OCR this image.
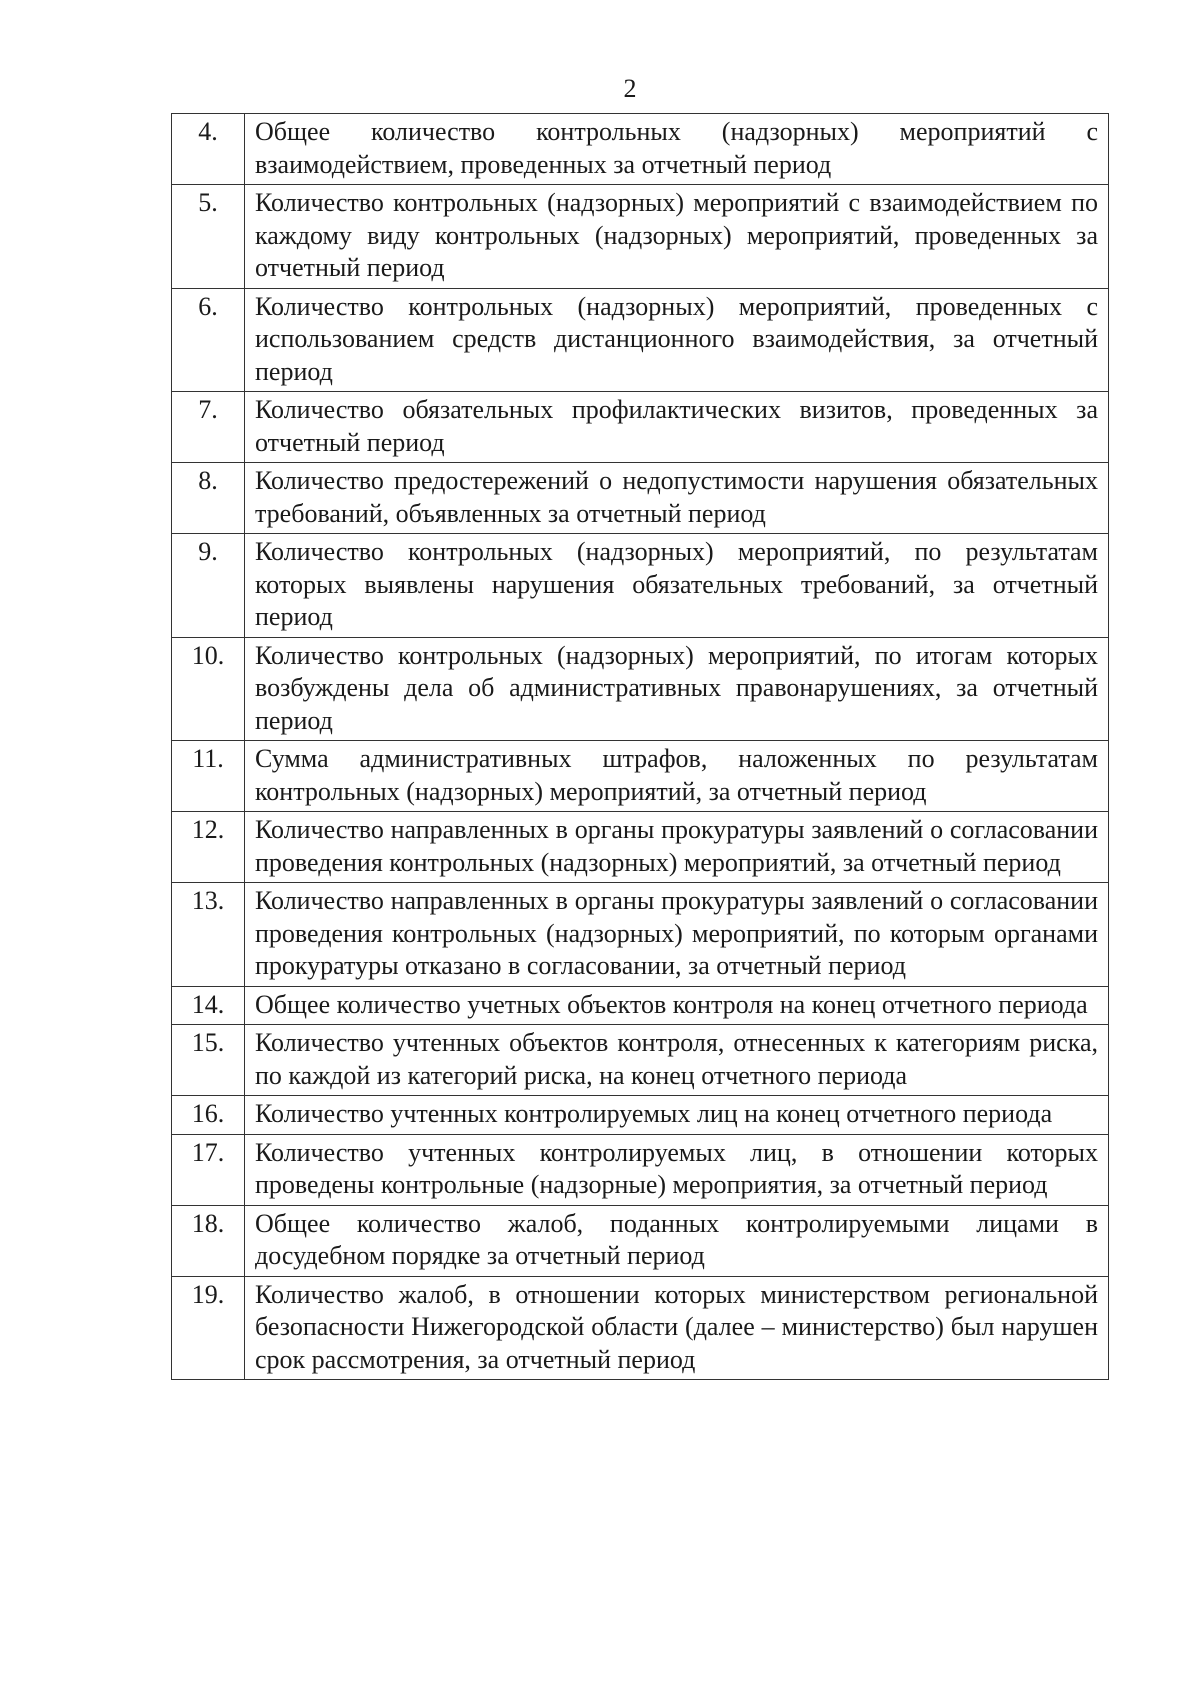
2
4.	Общее количество контрольных (надзорных) мероприятий с взаимодействием, проведенных за отчетный период
5.	Количество контрольных (надзорных) мероприятий с взаимодействием по каждому виду контрольных (надзорных) мероприятий, проведенных за отчетный период
6.	Количество контрольных (надзорных) мероприятий, проведенных с использованием средств дистанционного взаимодействия, за отчетный период
7.	Количество обязательных профилактических визитов, проведенных за отчетный период
8.	Количество предостережений о недопустимости нарушения обязательных требований, объявленных за отчетный период
9.	Количество контрольных (надзорных) мероприятий, по результатам которых выявлены нарушения обязательных требований, за отчетный период
10.	Количество контрольных (надзорных) мероприятий, по итогам которых возбуждены дела об административных правонарушениях, за отчетный период
11.	Сумма административных штрафов, наложенных по результатам контрольных (надзорных) мероприятий, за отчетный период
12.	Количество направленных в органы прокуратуры заявлений о согласовании проведения контрольных (надзорных) мероприятий, за отчетный период
13.	Количество направленных в органы прокуратуры заявлений о согласовании проведения контрольных (надзорных) мероприятий, по которым органами прокуратуры отказано в согласовании, за отчетный период
14.	Общее количество учетных объектов контроля на конец отчетного периода
15.	Количество учтенных объектов контроля, отнесенных к категориям риска, по каждой из категорий риска, на конец отчетного периода
16.	Количество учтенных контролируемых лиц на конец отчетного периода
17.	Количество учтенных контролируемых лиц, в отношении которых проведены контрольные (надзорные) мероприятия, за отчетный период
18.	Общее количество жалоб, поданных контролируемыми лицами в досудебном порядке за отчетный период
19.	Количество жалоб, в отношении которых министерством региональной безопасности Нижегородской области (далее – министерство) был нарушен срок рассмотрения, за отчетный период
